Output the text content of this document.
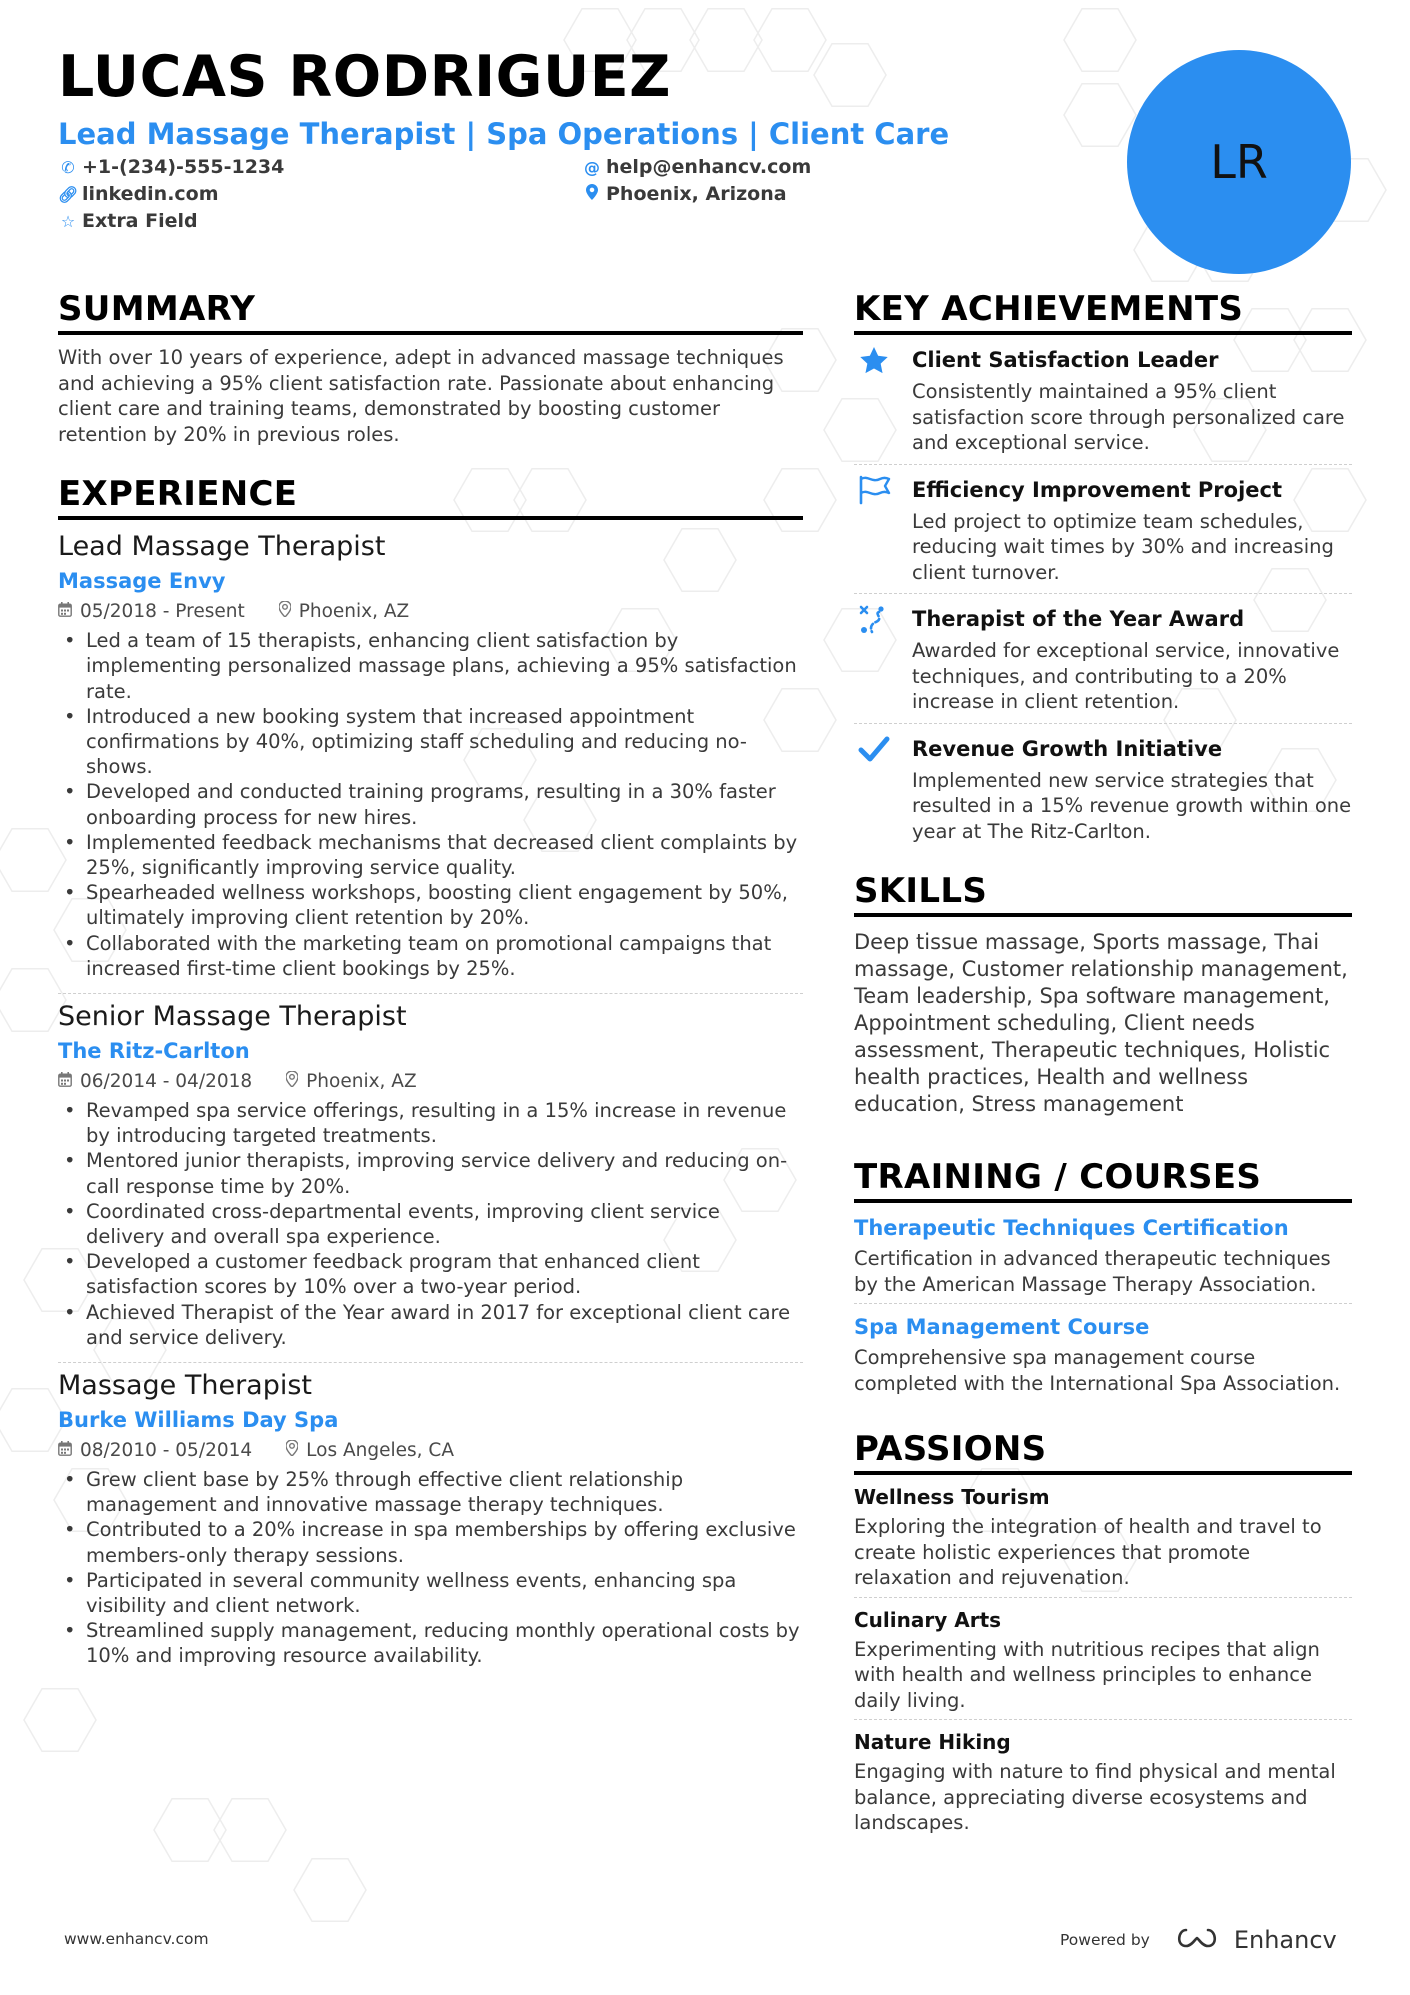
LUCAS RODRIGUEZ
Lead Massage Therapist | Spa Operations | Client Care
✆ +1-(234)-555-1234
🔗︎ linkedin.com
☆ Extra Field
@ help@enhancv.com
Phoenix, Arizona
LR
SUMMARY
With over 10 years of experience, adept in advanced massage techniques and achieving a 95% client satisfaction rate. Passionate about enhancing client care and training teams, demonstrated by boosting customer retention by 20% in previous roles.
EXPERIENCE
Lead Massage Therapist
Massage Envy
05/2018 - Present	Phoenix, AZ
• Led a team of 15 therapists, enhancing client satisfaction by implementing personalized massage plans, achieving a 95% satisfaction rate.
• Introduced a new booking system that increased appointment confirmations by 40%, optimizing staff scheduling and reducing no-shows.
• Developed and conducted training programs, resulting in a 30% faster onboarding process for new hires.
• Implemented feedback mechanisms that decreased client complaints by 25%, significantly improving service quality.
• Spearheaded wellness workshops, boosting client engagement by 50%, ultimately improving client retention by 20%.
• Collaborated with the marketing team on promotional campaigns that increased first-time client bookings by 25%.
Senior Massage Therapist
The Ritz-Carlton
06/2014 - 04/2018	Phoenix, AZ
• Revamped spa service offerings, resulting in a 15% increase in revenue by introducing targeted treatments.
• Mentored junior therapists, improving service delivery and reducing on-call response time by 20%.
• Coordinated cross-departmental events, improving client service delivery and overall spa experience.
• Developed a customer feedback program that enhanced client satisfaction scores by 10% over a two-year period.
• Achieved Therapist of the Year award in 2017 for exceptional client care and service delivery.
Massage Therapist
Burke Williams Day Spa
08/2010 - 05/2014	Los Angeles, CA
• Grew client base by 25% through effective client relationship management and innovative massage therapy techniques.
• Contributed to a 20% increase in spa memberships by offering exclusive members-only therapy sessions.
• Participated in several community wellness events, enhancing spa visibility and client network.
• Streamlined supply management, reducing monthly operational costs by 10% and improving resource availability.
KEY ACHIEVEMENTS
Client Satisfaction Leader
Consistently maintained a 95% client satisfaction score through personalized care and exceptional service.
Efficiency Improvement Project
Led project to optimize team schedules, reducing wait times by 30% and increasing client turnover.
Therapist of the Year Award
Awarded for exceptional service, innovative techniques, and contributing to a 20% increase in client retention.
Revenue Growth Initiative
Implemented new service strategies that resulted in a 15% revenue growth within one year at The Ritz-Carlton.
SKILLS
Deep tissue massage, Sports massage, Thai massage, Customer relationship management, Team leadership, Spa software management, Appointment scheduling, Client needs assessment, Therapeutic techniques, Holistic health practices, Health and wellness education, Stress management
TRAINING / COURSES
Therapeutic Techniques Certification
Certification in advanced therapeutic techniques by the American Massage Therapy Association.
Spa Management Course
Comprehensive spa management course completed with the International Spa Association.
PASSIONS
Wellness Tourism
Exploring the integration of health and travel to create holistic experiences that promote relaxation and rejuvenation.
Culinary Arts
Experimenting with nutritious recipes that align with health and wellness principles to enhance daily living.
Nature Hiking
Engaging with nature to find physical and mental balance, appreciating diverse ecosystems and landscapes.
www.enhancv.com	Powered by	Enhancv
